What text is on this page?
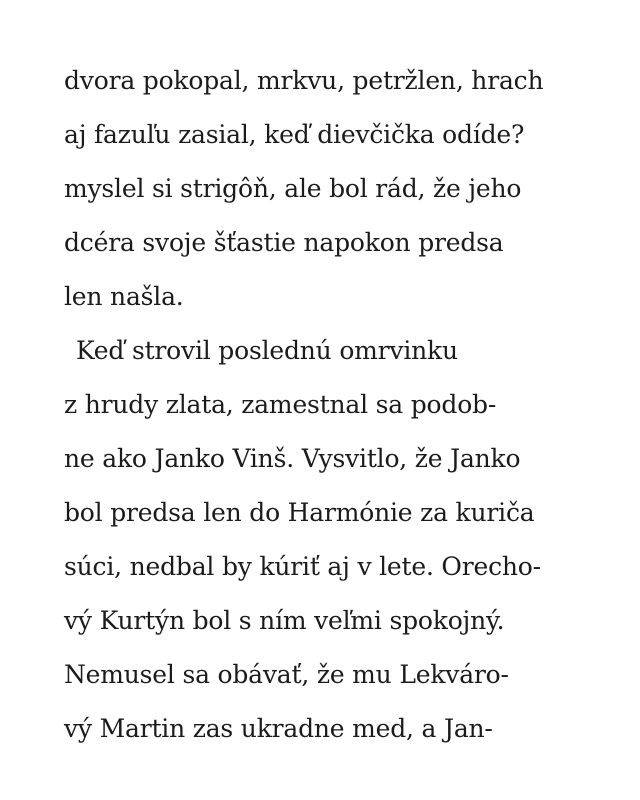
dvora pokopal, mrkvu, petržlen, hrach
aj fazuľu zasial, keď dievčička odíde?
myslel si strigôň, ale bol rád, že jeho
dcéra svoje šťastie napokon predsa
len našla.
Keď strovil poslednú omrvinku
z hrudy zlata, zamestnal sa podob-
ne ako Janko Vinš. Vysvitlo, že Janko
bol predsa len do Harmónie za kuriča
súci, nedbal by kúriť aj v lete. Orecho-
vý Kurtýn bol s ním veľmi spokojný.
Nemusel sa obávať, že mu Lekváro-
vý Martin zas ukradne med, a Jan-
